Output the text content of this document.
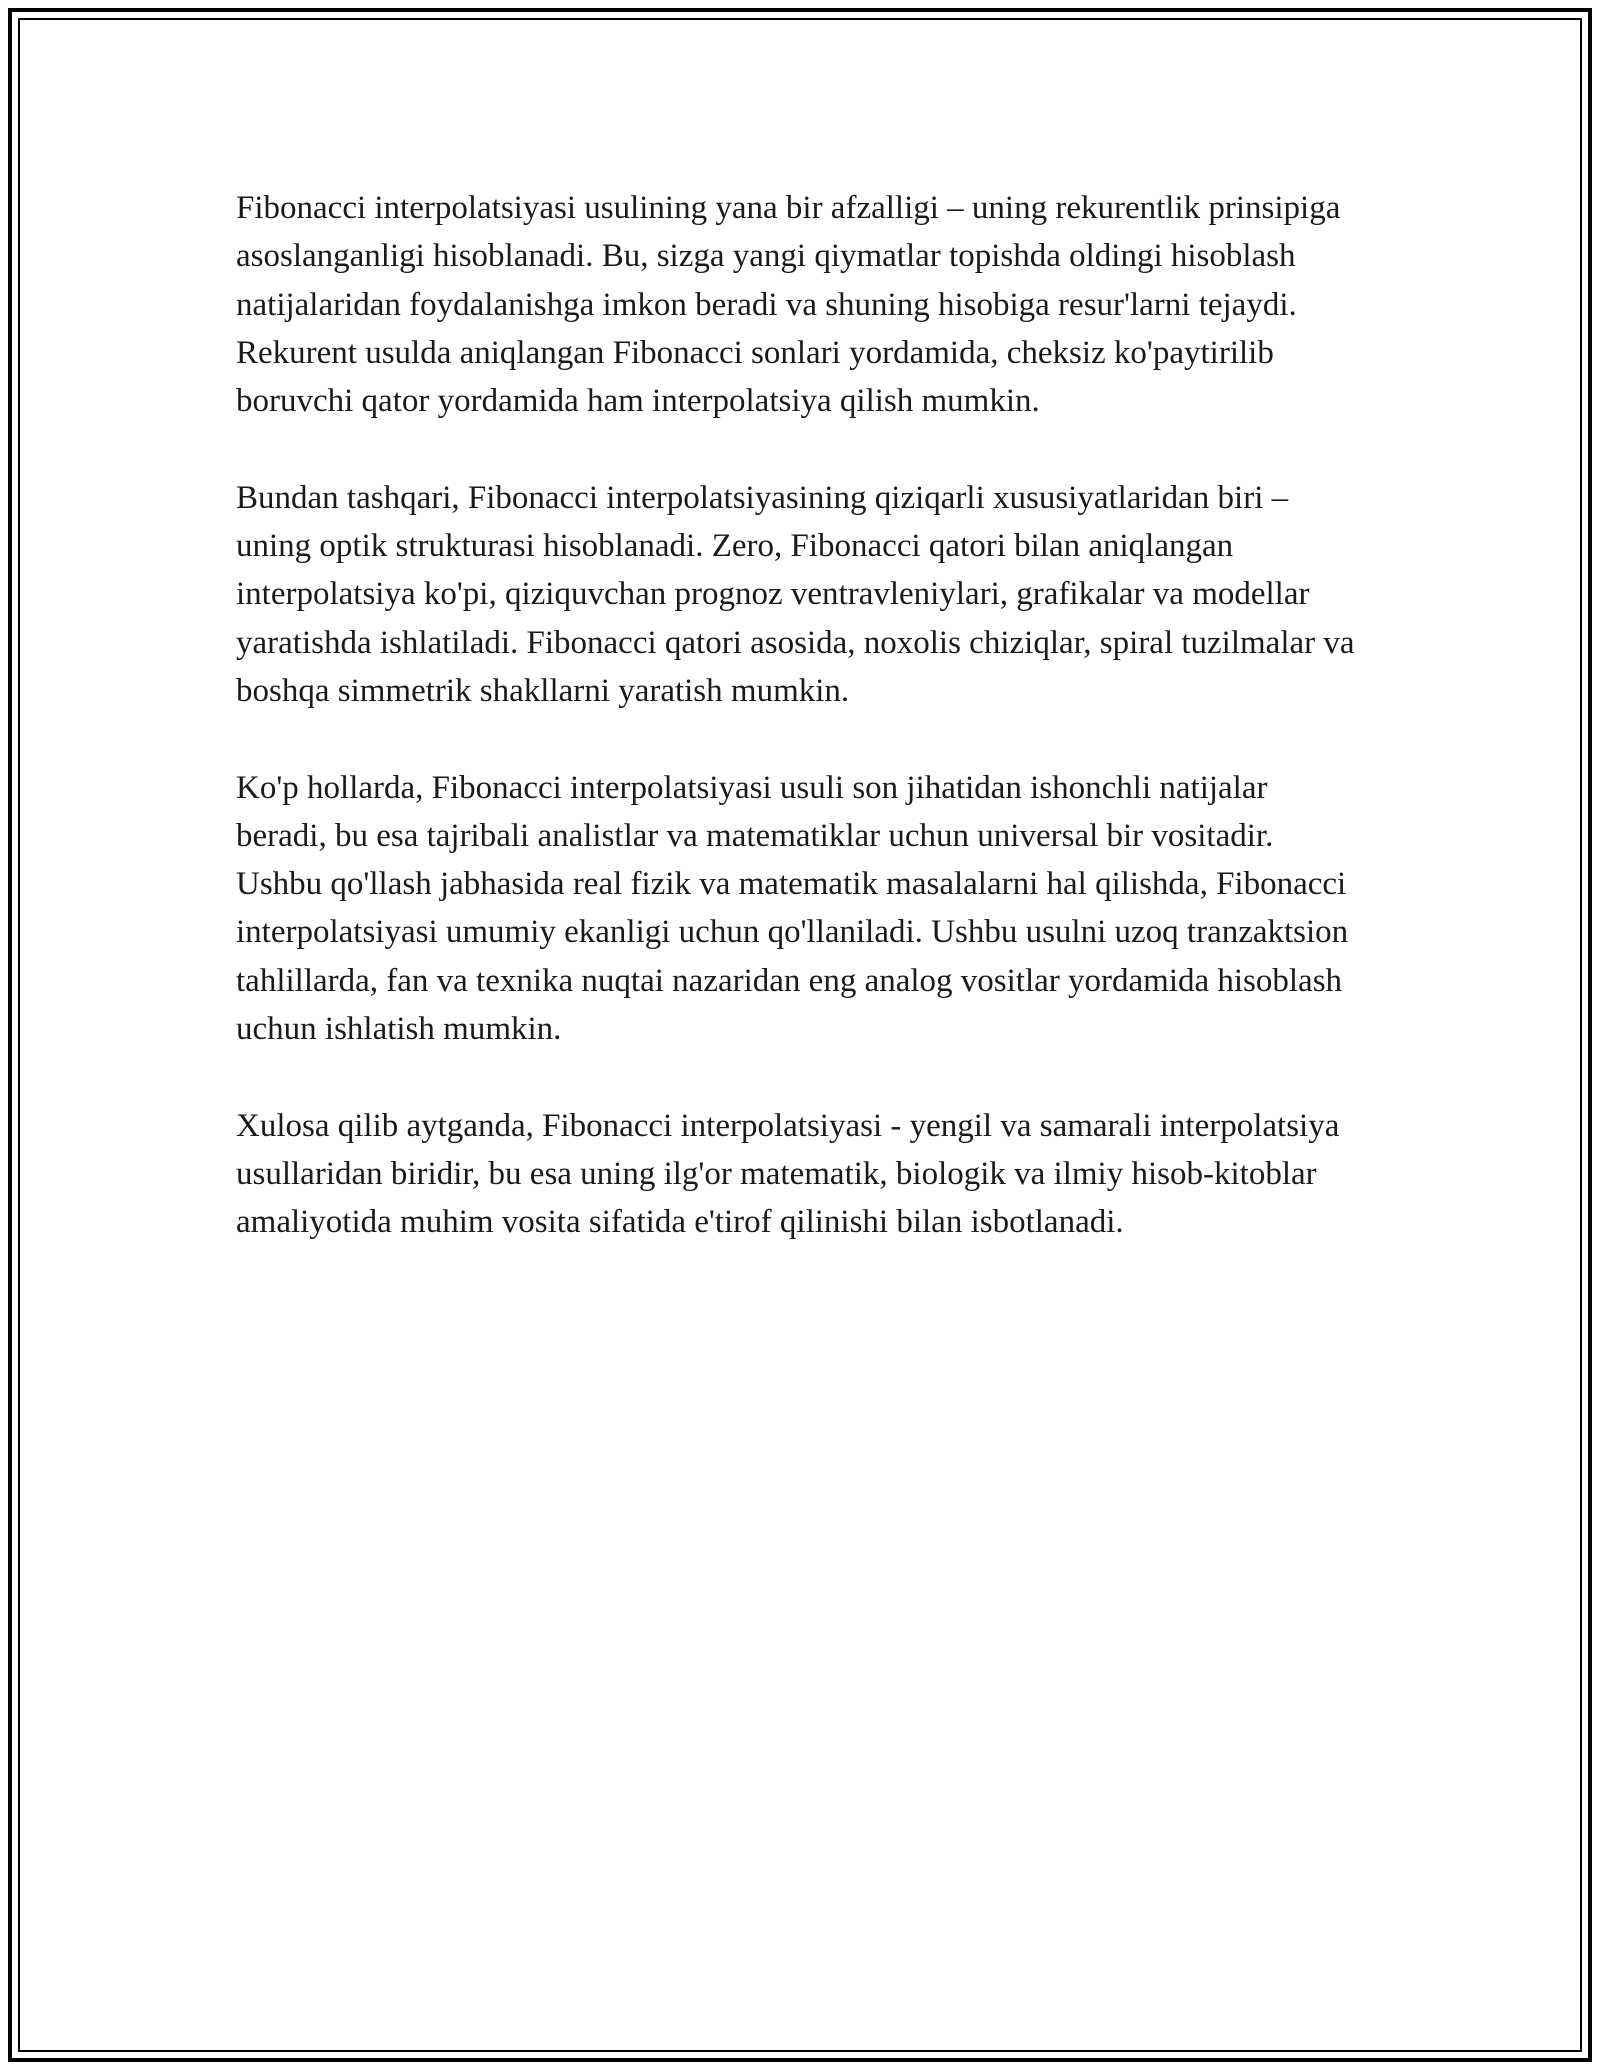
Fibonacci interpolatsiyasi usulining yana bir afzalligi – uning rekurentlik prinsipiga asoslanganligi hisoblanadi. Bu, sizga yangi qiymatlar topishda oldingi hisoblash natijalaridan foydalanishga imkon beradi va shuning hisobiga resur'larni tejaydi. Rekurent usulda aniqlangan Fibonacci sonlari yordamida, cheksiz ko'paytirilib boruvchi qator yordamida ham interpolatsiya qilish mumkin.

Bundan tashqari, Fibonacci interpolatsiyasining qiziqarli xususiyatlaridan biri – uning optik strukturasi hisoblanadi. Zero, Fibonacci qatori bilan aniqlangan interpolatsiya ko'pi, qiziquvchan prognoz ventravleniylari, grafikalar va modellar yaratishda ishlatiladi. Fibonacci qatori asosida, noxolis chiziqlar, spiral tuzilmalar va boshqa simmetrik shakllarni yaratish mumkin.

Ko'p hollarda, Fibonacci interpolatsiyasi usuli son jihatidan ishonchli natijalar beradi, bu esa tajribali analistlar va matematiklar uchun universal bir vositadir. Ushbu qo'llash jabhasida real fizik va matematik masalalarni hal qilishda, Fibonacci interpolatsiyasi umumiy ekanligi uchun qo'llaniladi. Ushbu usulni uzoq tranzaktsion tahlillarda, fan va texnika nuqtai nazaridan eng analog vositlar yordamida hisoblash uchun ishlatish mumkin.

Xulosa qilib aytganda, Fibonacci interpolatsiyasi - yengil va samarali interpolatsiya usullaridan biridir, bu esa uning ilg'or matematik, biologik va ilmiy hisob-kitoblar amaliyotida muhim vosita sifatida e'tirof qilinishi bilan isbotlanadi.
